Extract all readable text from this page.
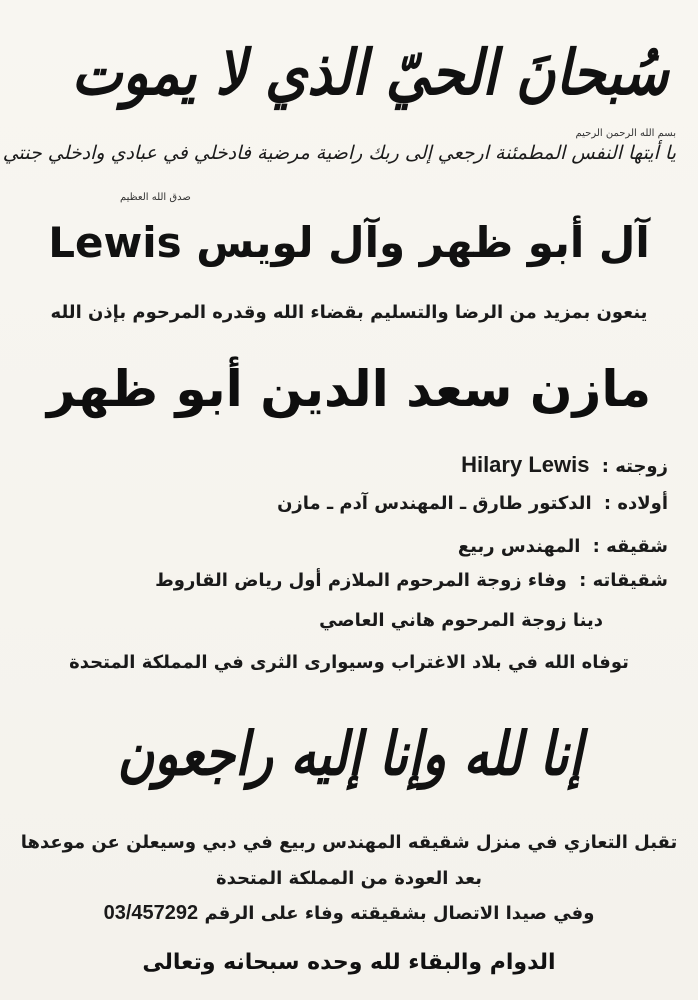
سُبحانَ الحيّ الذي لا يموت
بسم الله الرحمن الرحيم
يا أيتها النفس المطمئنة ارجعي إلى ربك راضية مرضية فادخلي في عبادي وادخلي جنتي
صدق الله العظيم
آل أبو ظهر وآل لويس Lewis
ينعون بمزيد من الرضا والتسليم بقضاء الله وقدره المرحوم بإذن الله
مازن سعد الدين أبو ظهر
زوجته : Hilary Lewis
أولاده : الدكتور طارق ـ المهندس آدم ـ مازن
شقيقه : المهندس ربيع
شقيقاته : وفاء زوجة المرحوم الملازم أول رياض القاروط
دينا زوجة المرحوم هاني العاصي
توفاه الله في بلاد الاغتراب وسيوارى الثرى في المملكة المتحدة
إنا لله وإنا إليه راجعون
تقبل التعازي في منزل شقيقه المهندس ربيع في دبي وسيعلن عن موعدها
بعد العودة من المملكة المتحدة
وفي صيدا الاتصال بشقيقته وفاء على الرقم 03/457292
الدوام والبقاء لله وحده سبحانه وتعالى
